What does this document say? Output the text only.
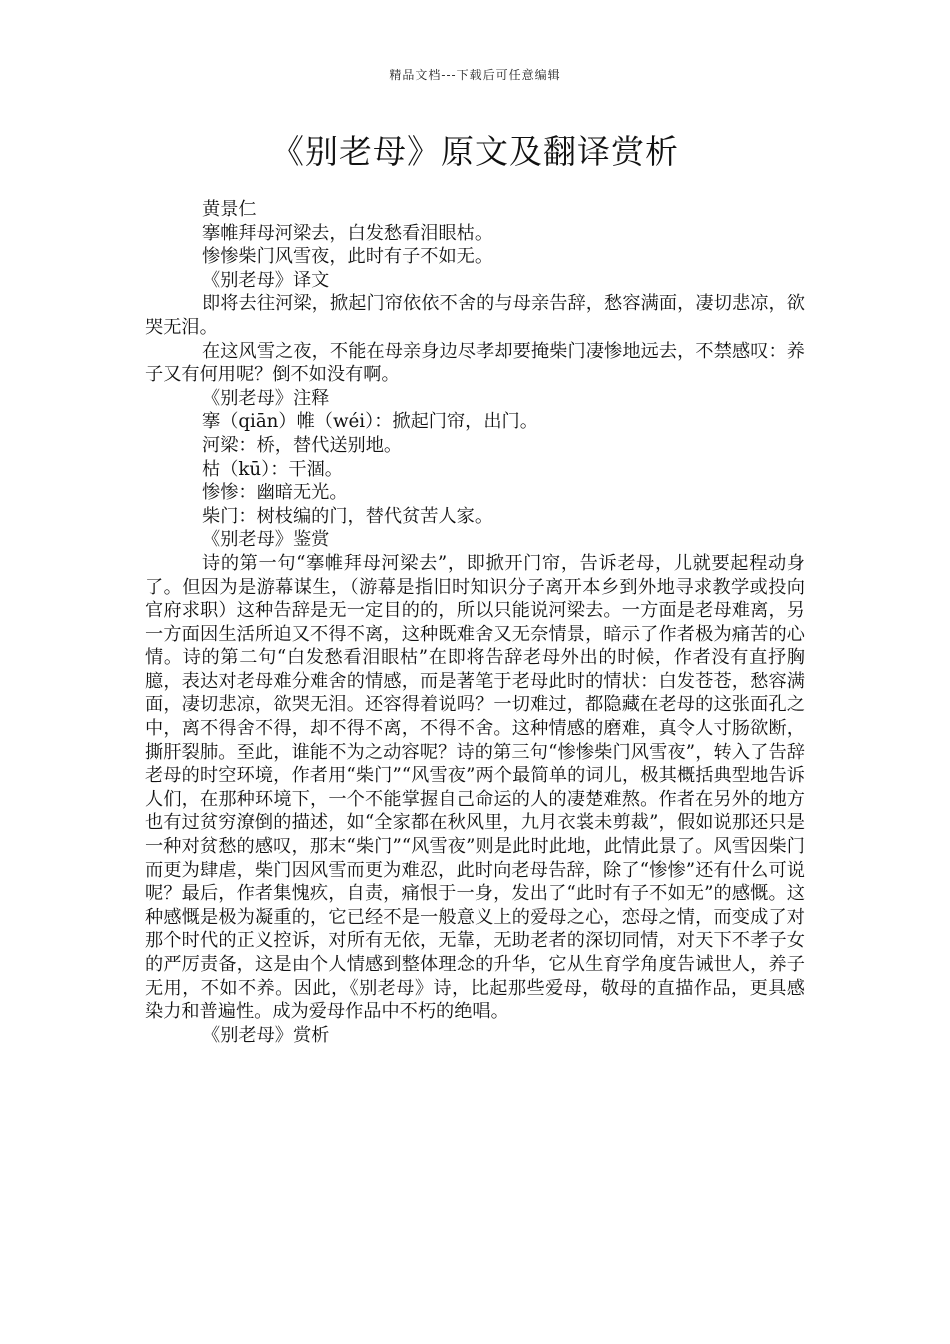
精品文档---下载后可任意编辑
《别老母》原文及翻译赏析

黄景仁

搴帷拜母河梁去，白发愁看泪眼枯。

惨惨柴门风雪夜，此时有子不如无。

《别老母》译文

即将去往河梁，掀起门帘依依不舍的与母亲告辞，愁容满面，凄切悲凉，欲哭无泪。

在这风雪之夜，不能在母亲身边尽孝却要掩柴门凄惨地远去，不禁感叹：养子又有何用呢？倒不如没有啊。

《别老母》注释

搴（qiān）帷（wéi）：掀起门帘，出门。

河梁：桥，替代送别地。

枯（kū）：干涸。

惨惨：幽暗无光。

柴门：树枝编的门，替代贫苦人家。

《别老母》鉴赏

诗的第一句“搴帷拜母河梁去”，即掀开门帘，告诉老母，儿就要起程动身了。但因为是游幕谋生，（游幕是指旧时知识分子离开本乡到外地寻求教学或投向官府求职）这种告辞是无一定目的的，所以只能说河梁去。一方面是老母难离，另一方面因生活所迫又不得不离，这种既难舍又无奈情景，暗示了作者极为痛苦的心情。诗的第二句“白发愁看泪眼枯”在即将告辞老母外出的时候，作者没有直抒胸臆，表达对老母难分难舍的情感，而是著笔于老母此时的情状：白发苍苍，愁容满面，凄切悲凉，欲哭无泪。还容得着说吗？一切难过，都隐藏在老母的这张面孔之中，离不得舍不得，却不得不离，不得不舍。这种情感的磨难，真令人寸肠欲断，撕肝裂肺。至此，谁能不为之动容呢？诗的第三句“惨惨柴门风雪夜”，转入了告辞老母的时空环境，作者用“柴门”“风雪夜”两个最简单的词儿，极其概括典型地告诉人们，在那种环境下，一个不能掌握自己命运的人的凄楚难熬。作者在另外的地方也有过贫穷潦倒的描述，如“全家都在秋风里，九月衣裳未剪裁”，假如说那还只是一种对贫愁的感叹，那末“柴门”“风雪夜”则是此时此地，此情此景了。风雪因柴门而更为肆虐，柴门因风雪而更为难忍，此时向老母告辞，除了“惨惨”还有什么可说呢？最后，作者集愧疚，自责，痛恨于一身，发出了“此时有子不如无”的感慨。这种感慨是极为凝重的，它已经不是一般意义上的爱母之心，恋母之情，而变成了对那个时代的正义控诉，对所有无依，无靠，无助老者的深切同情，对天下不孝子女的严厉责备，这是由个人情感到整体理念的升华，它从生育学角度告诫世人，养子无用，不如不养。因此，《别老母》诗，比起那些爱母，敬母的直描作品，更具感染力和普遍性。成为爱母作品中不朽的绝唱。

《别老母》赏析
